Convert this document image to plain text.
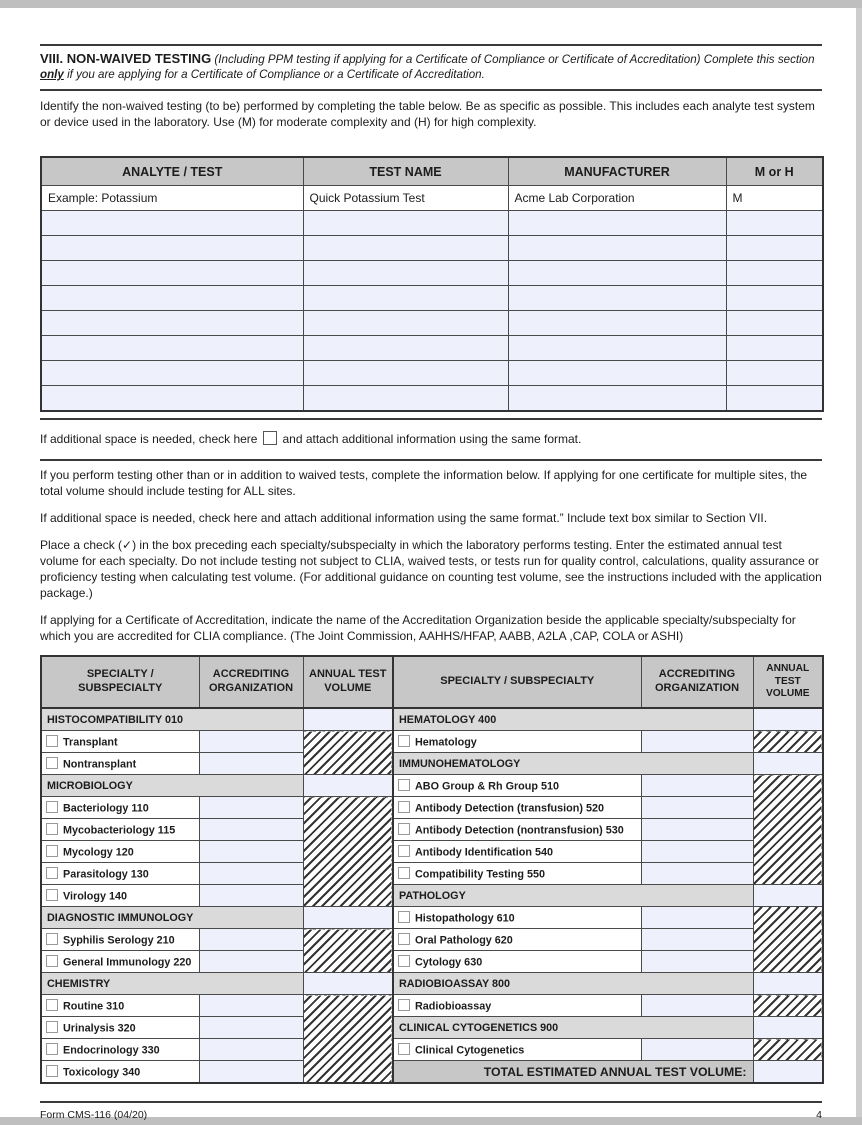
VIII. NON-WAIVED TESTING (Including PPM testing if applying for a Certificate of Compliance or Certificate of Accreditation) Complete this section only if you are applying for a Certificate of Compliance or a Certificate of Accreditation.

Identify the non-waived testing (to be) performed by completing the table below. Be as specific as possible. This includes each analyte test system or device used in the laboratory. Use (M) for moderate complexity and (H) for high complexity.

ANALYTE / TEST	TEST NAME	MANUFACTURER	M or H
Example: Potassium	Quick Potassium Test	Acme Lab Corporation	M

If additional space is needed, check here and attach additional information using the same format.

If you perform testing other than or in addition to waived tests, complete the information below. If applying for one certificate for multiple sites, the total volume should include testing for ALL sites.

If additional space is needed, check here and attach additional information using the same format.” Include text box similar to Section VII.

Place a check (✓) in the box preceding each specialty/subspecialty in which the laboratory performs testing. Enter the estimated annual test volume for each specialty. Do not include testing not subject to CLIA, waived tests, or tests run for quality control, calculations, quality assurance or proficiency testing when calculating test volume. (For additional guidance on counting test volume, see the instructions included with the application package.)

If applying for a Certificate of Accreditation, indicate the name of the Accreditation Organization beside the applicable specialty/subspecialty for which you are accredited for CLIA compliance. (The Joint Commission, AAHHS/HFAP, AABB, A2LA ,CAP, COLA or ASHI)

SPECIALTY / SUBSPECIALTY	ACCREDITING ORGANIZATION	ANNUAL TEST VOLUME	SPECIALTY / SUBSPECIALTY	ACCREDITING ORGANIZATION	ANNUAL TEST VOLUME
HISTOCOMPATIBILITY 010			HEMATOLOGY 400		
Transplant			Hematology		
Nontransplant			IMMUNOHEMATOLOGY		
MICROBIOLOGY			ABO Group & Rh Group 510		
Bacteriology 110			Antibody Detection (transfusion) 520		
Mycobacteriology 115			Antibody Detection (nontransfusion) 530		
Mycology 120			Antibody Identification 540		
Parasitology 130			Compatibility Testing 550		
Virology 140			PATHOLOGY		
DIAGNOSTIC IMMUNOLOGY			Histopathology 610		
Syphilis Serology 210			Oral Pathology 620		
General Immunology 220			Cytology 630		
CHEMISTRY			RADIOBIOASSAY 800		
Routine 310			Radiobioassay		
Urinalysis 320			CLINICAL CYTOGENETICS 900		
Endocrinology 330			Clinical Cytogenetics		
Toxicology 340			TOTAL ESTIMATED ANNUAL TEST VOLUME:		
Form CMS-116 (04/20)	4
